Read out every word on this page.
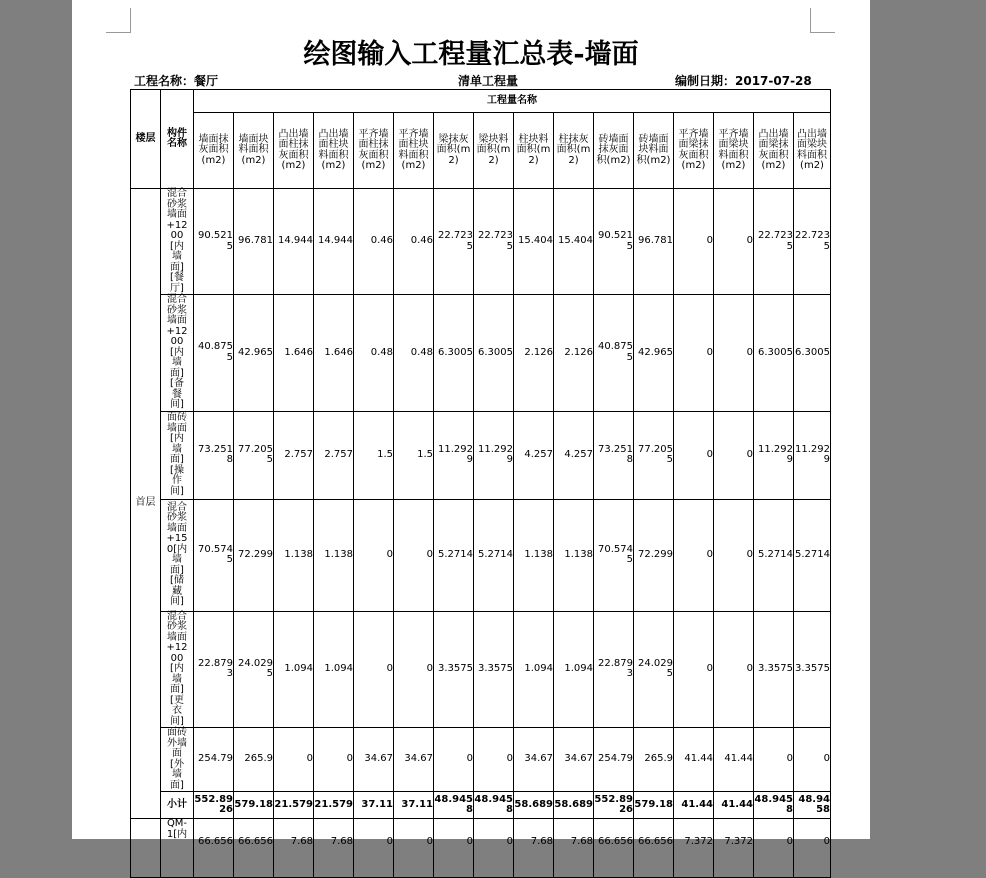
绘图输入工程量汇总表-墙面
工程名称：餐厅	清单工程量	编制日期：2017-07-28
楼层	构件名称	工程量名称															
		墙面抹灰面积(m2)	墙面块料面积(m2)	凸出墙面柱抹灰面积(m2)	凸出墙面柱块料面积(m2)	平齐墙面柱抹灰面积(m2)	平齐墙面柱块料面积(m2)	梁抹灰面积(m2)	梁块料面积(m2)	柱块料面积(m2)	柱抹灰面积(m2)	砖墙面抹灰面积(m2)	砖墙面块料面积(m2)	平齐墙面梁抹灰面积(m2)	平齐墙面梁块料面积(m2)	凸出墙面梁抹灰面积(m2)	凸出墙面梁块料面积(m2)
首层	混合砂浆墙面+1200[内墙面][餐厅]	90.5215	96.781	14.944	14.944	0.46	0.46	22.7235	22.7235	15.404	15.404	90.5215	96.781	0	0	22.7235	22.7235
	混合砂浆墙面+1200[内墙面][备餐间]	40.8755	42.965	1.646	1.646	0.48	0.48	6.3005	6.3005	2.126	2.126	40.8755	42.965	0	0	6.3005	6.3005
	面砖墙面[内墙面][操作间]	73.2518	77.2055	2.757	2.757	1.5	1.5	11.2929	11.2929	4.257	4.257	73.2518	77.2055	0	0	11.2929	11.2929
	混合砂浆墙面+150[内墙面][储藏间]	70.5745	72.299	1.138	1.138	0	0	5.2714	5.2714	1.138	1.138	70.5745	72.299	0	0	5.2714	5.2714
	混合砂浆墙面+1200[内墙面][更衣间]	22.8793	24.0295	1.094	1.094	0	0	3.3575	3.3575	1.094	1.094	22.8793	24.0295	0	0	3.3575	3.3575
	面砖外墙面[外墙面]	254.79	265.9	0	0	34.67	34.67	0	0	34.67	34.67	254.79	265.9	41.44	41.44	0	0
	小计	552.8926	579.18	21.579	21.579	37.11	37.11	48.9458	48.9458	58.689	58.689	552.8926	579.18	41.44	41.44	48.9458	48.9458
	QM-1[内	66.656	66.656	7.68	7.68	0	0	0	0	7.68	7.68	66.656	66.656	7.372	7.372	0	0
